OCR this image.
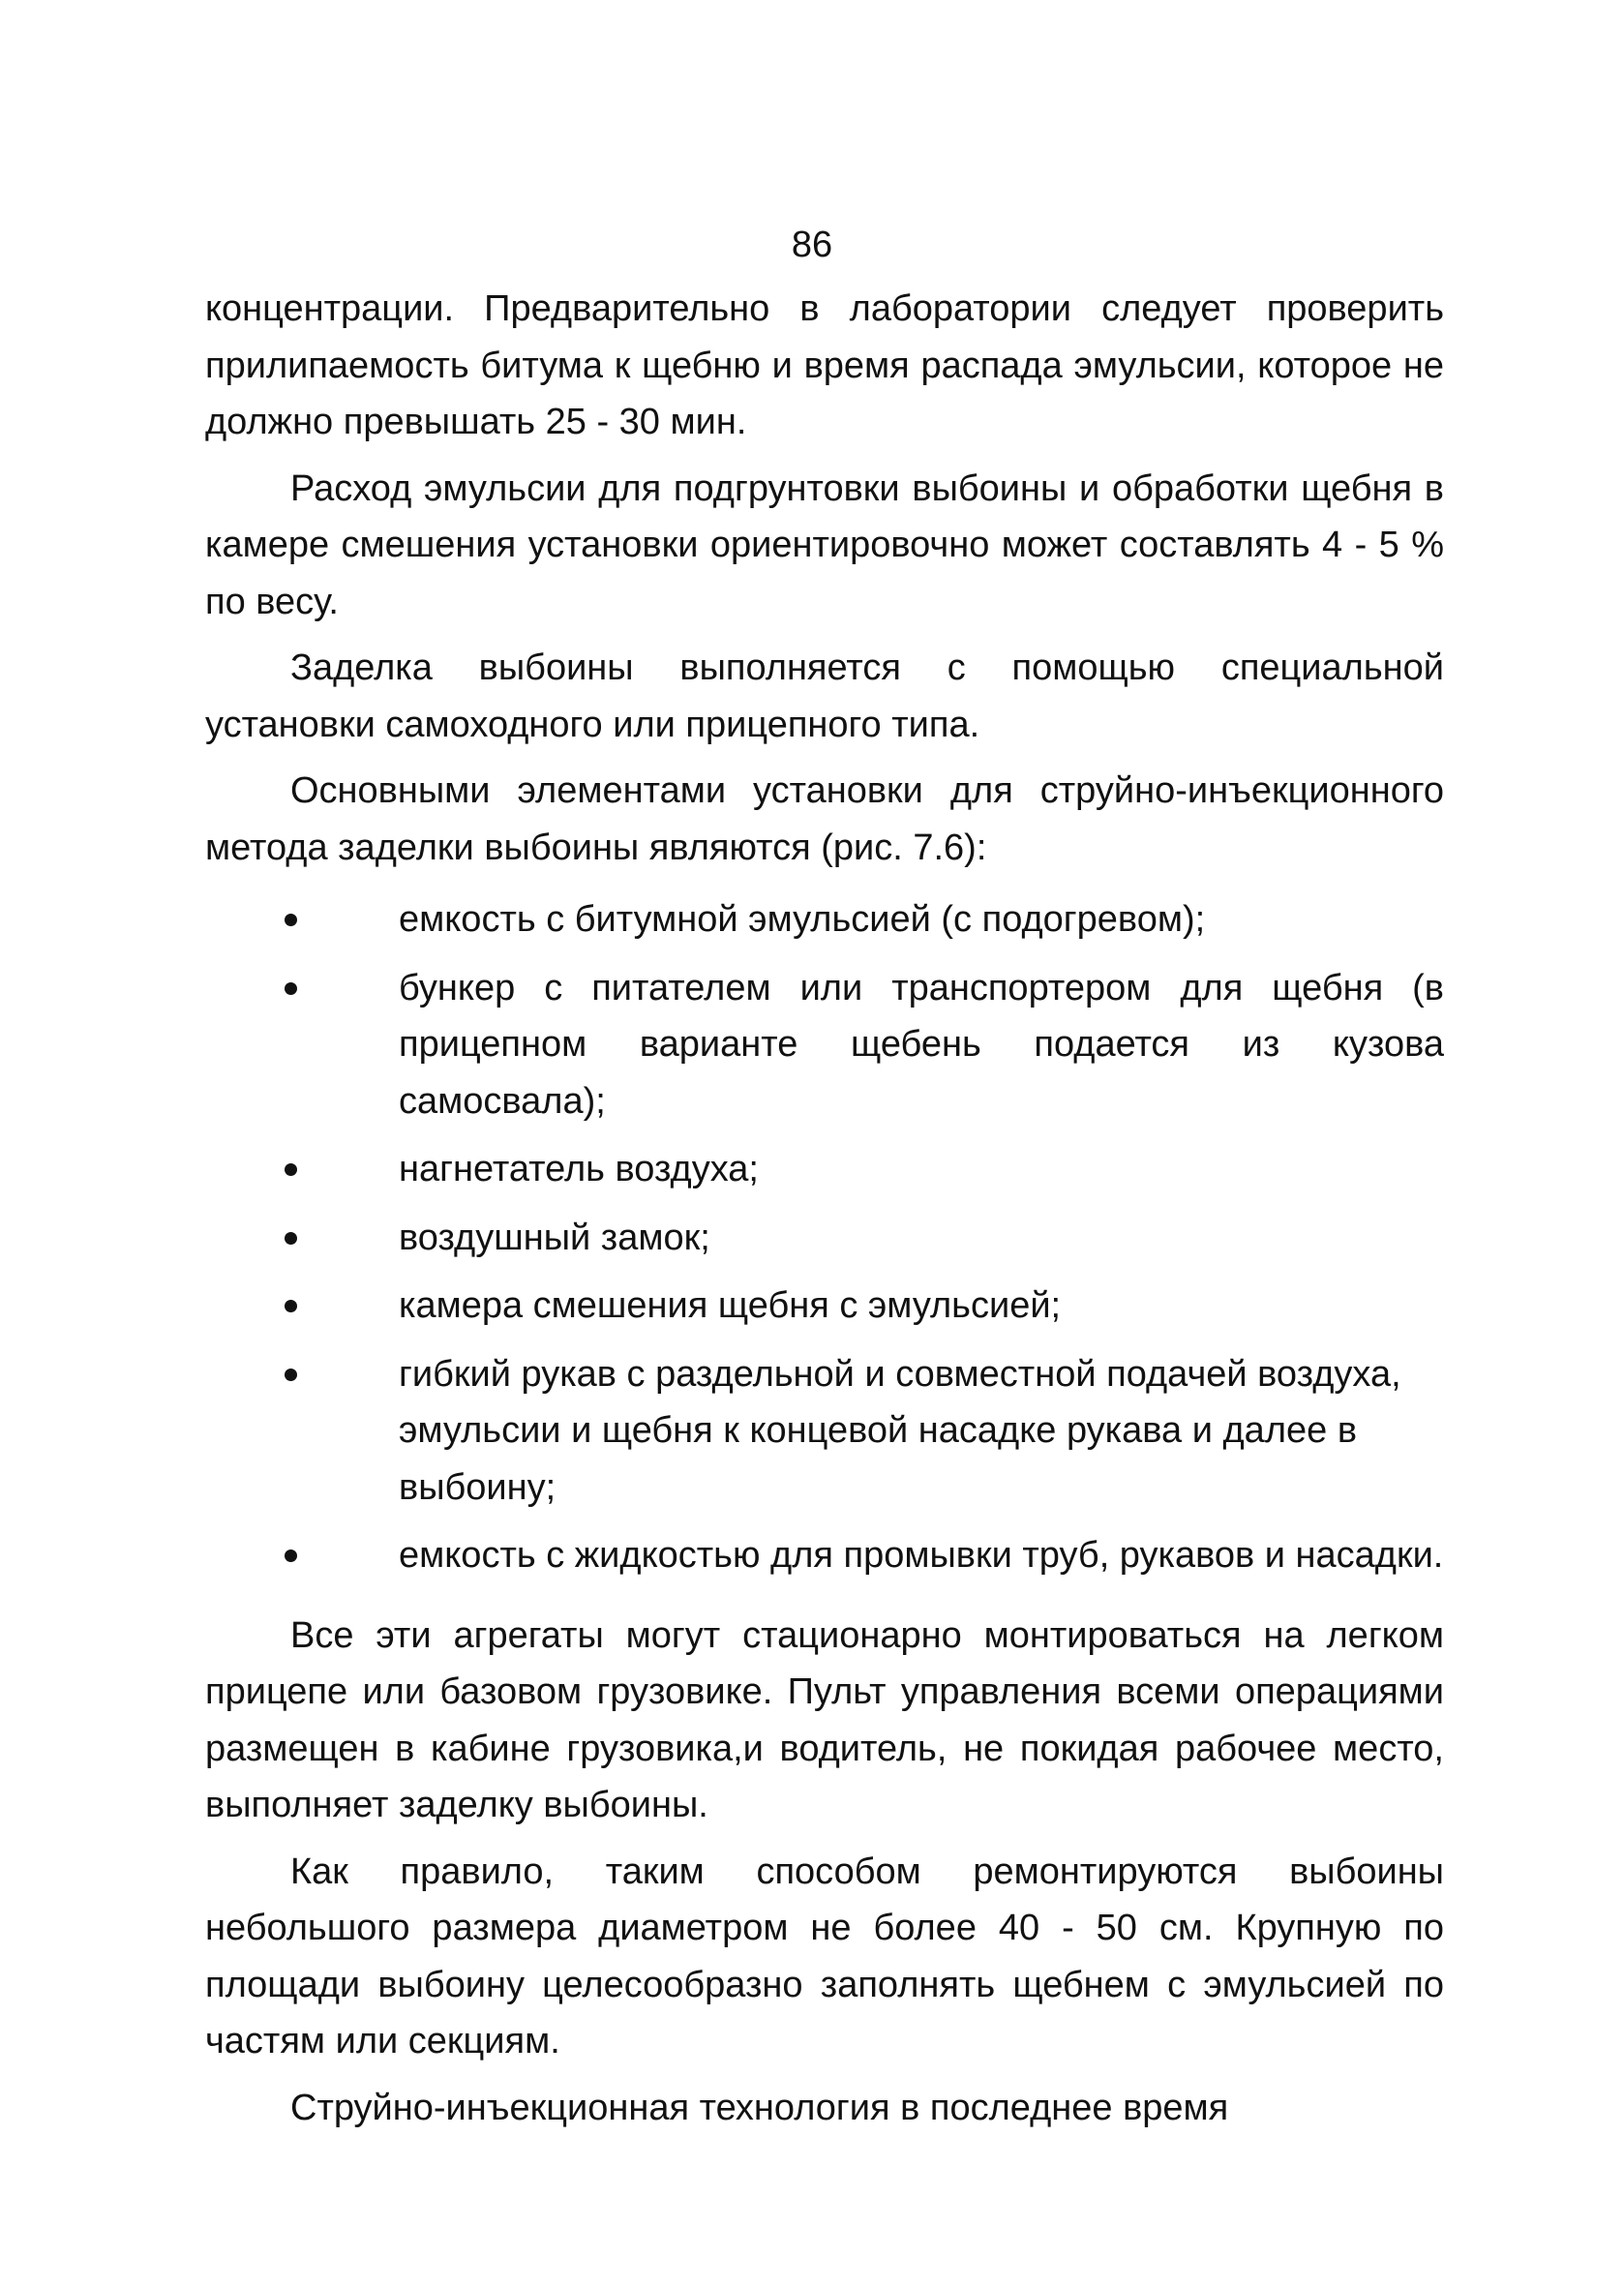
86

концентрации. Предварительно в лаборатории следует проверить прилипаемость битума к щебню и время распада эмульсии, которое не должно превышать 25 - 30 мин.

Расход эмульсии для подгрунтовки выбоины и обработки щебня в камере смешения установки ориентировочно может составлять 4 - 5 % по весу.

Заделка выбоины выполняется с помощью специальной установки самоходного или прицепного типа.

Основными элементами установки для струйно-инъекционного метода заделки выбоины являются (рис. 7.6):

емкость с битумной эмульсией (с подогревом);
бункер с питателем или транспортером для щебня (в прицепном варианте щебень подается из кузова самосвала);
нагнетатель воздуха;
воздушный замок;
камера смешения щебня с эмульсией;
гибкий рукав с раздельной и совместной подачей воздуха, эмульсии и щебня к концевой насадке рукава и далее в выбоину;
емкость с жидкостью для промывки труб, рукавов и насадки.

Все эти агрегаты могут стационарно монтироваться на легком прицепе или базовом грузовике. Пульт управления всеми операциями размещен в кабине грузовика,и водитель, не покидая рабочее место, выполняет заделку выбоины.

Как правило, таким способом ремонтируются выбоины небольшого размера диаметром не более 40 - 50 см. Крупную по площади выбоину целесообразно заполнять щебнем с эмульсией по частям или секциям.

Струйно-инъекционная технология в последнее время
